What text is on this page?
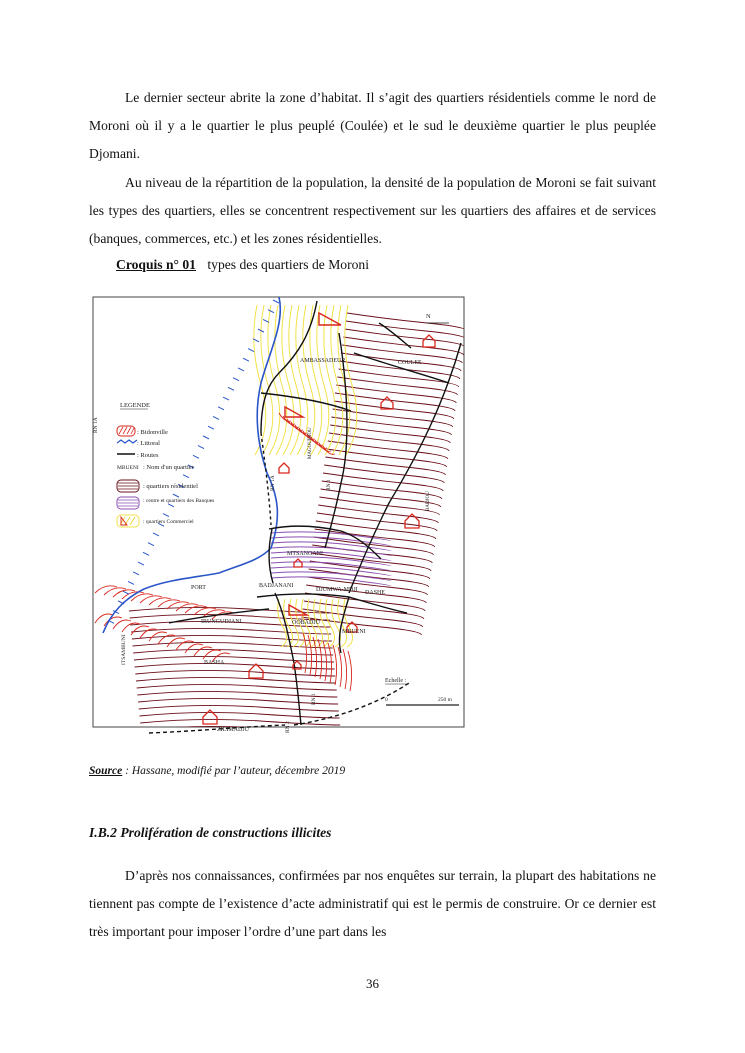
Le dernier secteur abrite la zone d’habitat. Il s’agit des quartiers résidentiels comme le nord de Moroni où il y a le quartier le plus peuplé (Coulée) et le sud le deuxième quartier le plus peuplée Djomani.

Au niveau de la répartition de la population, la densité de la population de Moroni se fait suivant les types des quartiers, elles se concentrent respectivement sur les quartiers des affaires et de services (banques, commerces, etc.) et les zones résidentielles.

Croquis n° 01 types des quartiers de Moroni
N
LEGENDE
: Bidonville
: Littoral
: Routes
MBUENI : Nom d'un quartier
: quartiers résidentiel
: centre et quartiers des Banques
: quartiers Commerciel
AMBASSADEUR	COULEE
MTSANGANI
BADJANANI
DJUMWA-MDJI DASHE
PORT
IRUNGUDJANI	OOBADJU
MBUENI
BASHA
ZILIMADJU
ITSAMBUNI
RN 1A
RN 1A
MAGOUDJOU
RN 1
BADJOU
RN 1
RN 2
Echelle :
0	250 m
Source : Hassane, modifié par l’auteur, décembre 2019
I.B.2 Prolifération de constructions illicites

D’après nos connaissances, confirmées par nos enquêtes sur terrain, la plupart des habitations ne tiennent pas compte de l’existence d’acte administratif qui est le permis de construire. Or ce dernier est très important pour imposer l’ordre d’une part dans les

36
